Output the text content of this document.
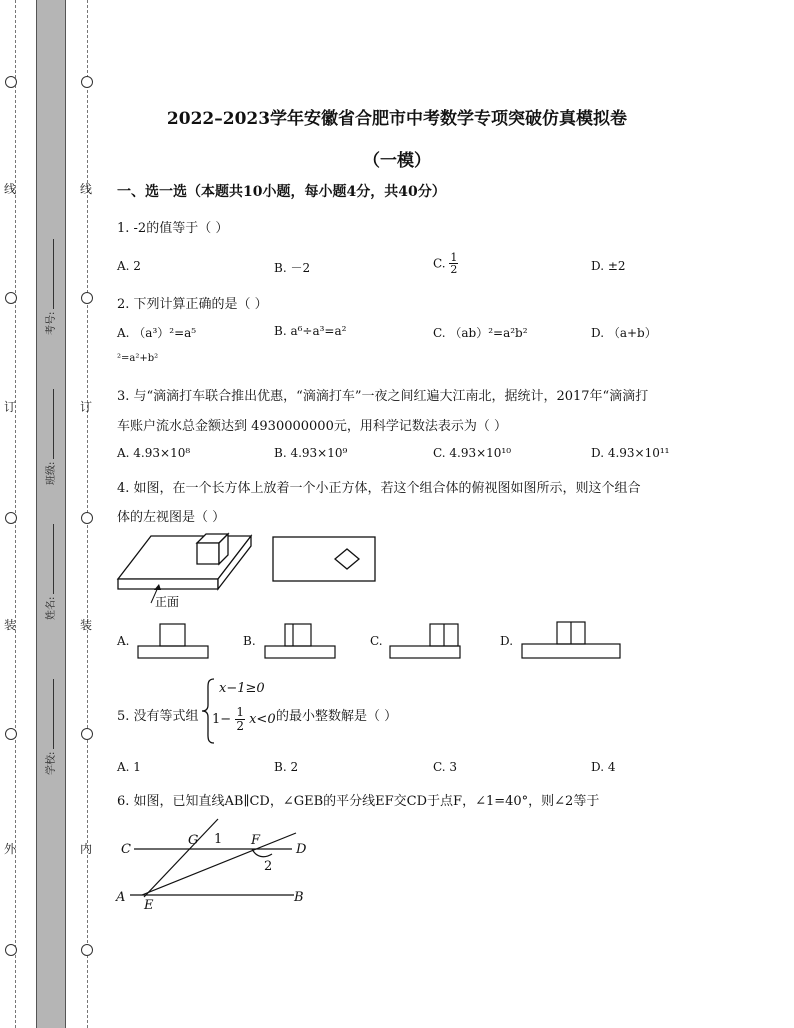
线
订
装
外
线
订
装
内
考号:
班级:
姓名:
学校:
2022–2023学年安徽省合肥市中考数学专项突破仿真模拟卷
（一模）
一、选一选（本题共10小题，每小题4分，共40分）
1. -2的值等于（ ）
A. 2	B. －2	C. $\frac{1}{2}$	D. ±2
2. 下列计算正确的是（ ）
A. （a³）²=a⁵	B. a⁶÷a³=a²	C. （ab）²=a²b²	D. （a+b）
²=a²+b²
3. 与“滴滴打车联合推出优惠，“滴滴打车”一夜之间红遍大江南北，据统计，2017年“滴滴打
车账户流水总金额达到 4930000000元，用科学记数法表示为（ ）
A. 4.93×10⁸	B. 4.93×10⁹	C. 4.93×10¹⁰	D. 4.93×10¹¹
4. 如图，在一个长方体上放着一个小正方体，若这个组合体的俯视图如图所示，则这个组合
体的左视图是（ ）
正面
A.	B.	C.	D.
5. 没有等式组
x−1≥0
$1- \frac{1}{2} x<0$ 的最小整数解是（ ）
A. 1	B. 2	C. 3	D. 4
6. 如图，已知直线AB∥CD，∠GEB的平分线EF交CD于点F，∠1=40°，则∠2等于
C
G 1 F
D
2
A
E
B
